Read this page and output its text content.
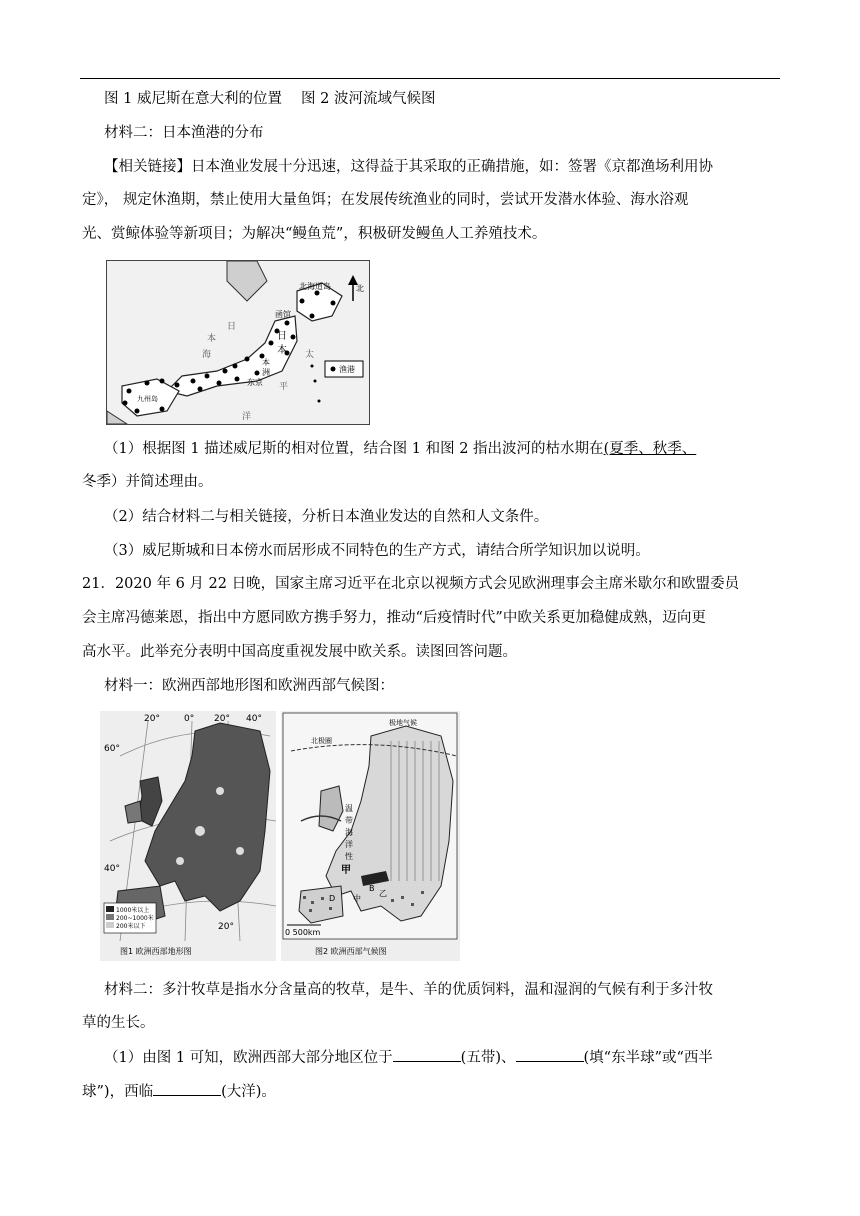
图 1 威尼斯在意大利的位置　 图 2 波河流域气候图
材料二：日本渔港的分布
【相关链接】日本渔业发展十分迅速，这得益于其采取的正确措施，如：签署《京都渔场利用协
定》， 规定休渔期，禁止使用大量鱼饵；在发展传统渔业的同时，尝试开发潜水体验、海水浴观
光、赏鲸体验等新项目；为解决“鳗鱼荒”，积极研发鳗鱼人工养殖技术。
北
北海道岛
函馆
日
本
本
洲
东京
九州岛
日
本
海	太
平
洋
渔港
（1）根据图 1 描述威尼斯的相对位置，结合图 1 和图 2 指出波河的枯水期在(夏季、秋季、
冬季）并简述理由。
（2）结合材料二与相关链接，分析日本渔业发达的自然和人文条件。
（3）威尼斯城和日本傍水而居形成不同特色的生产方式，请结合所学知识加以说明。
21．2020 年 6 月 22 日晚，国家主席习近平在北京以视频方式会见欧洲理事会主席米歇尔和欧盟委员
会主席冯德莱恩，指出中方愿同欧方携手努力，推动“后疫情时代”中欧关系更加稳健成熟，迈向更
高水平。此举充分表明中国高度重视发展中欧关系。读图回答问题。
材料一：欧洲西部地形图和欧洲西部气候图：
20°	0° 20° 40°
60°
40°
20°
1000米以上
200~1000米
200米以下
图1 欧洲西部地形图
极地气候
北极圈
温
带
海
洋
性
甲
乙
中
B
D
0 500km
图2 欧洲西部气候图
材料二：多汁牧草是指水分含量高的牧草，是牛、羊的优质饲料，温和湿润的气候有利于多汁牧
草的生长。
（1）由图 1 可知，欧洲西部大部分地区位于	(五带)、	(填“东半球”或“西半
球”)，西临	(大洋)。
